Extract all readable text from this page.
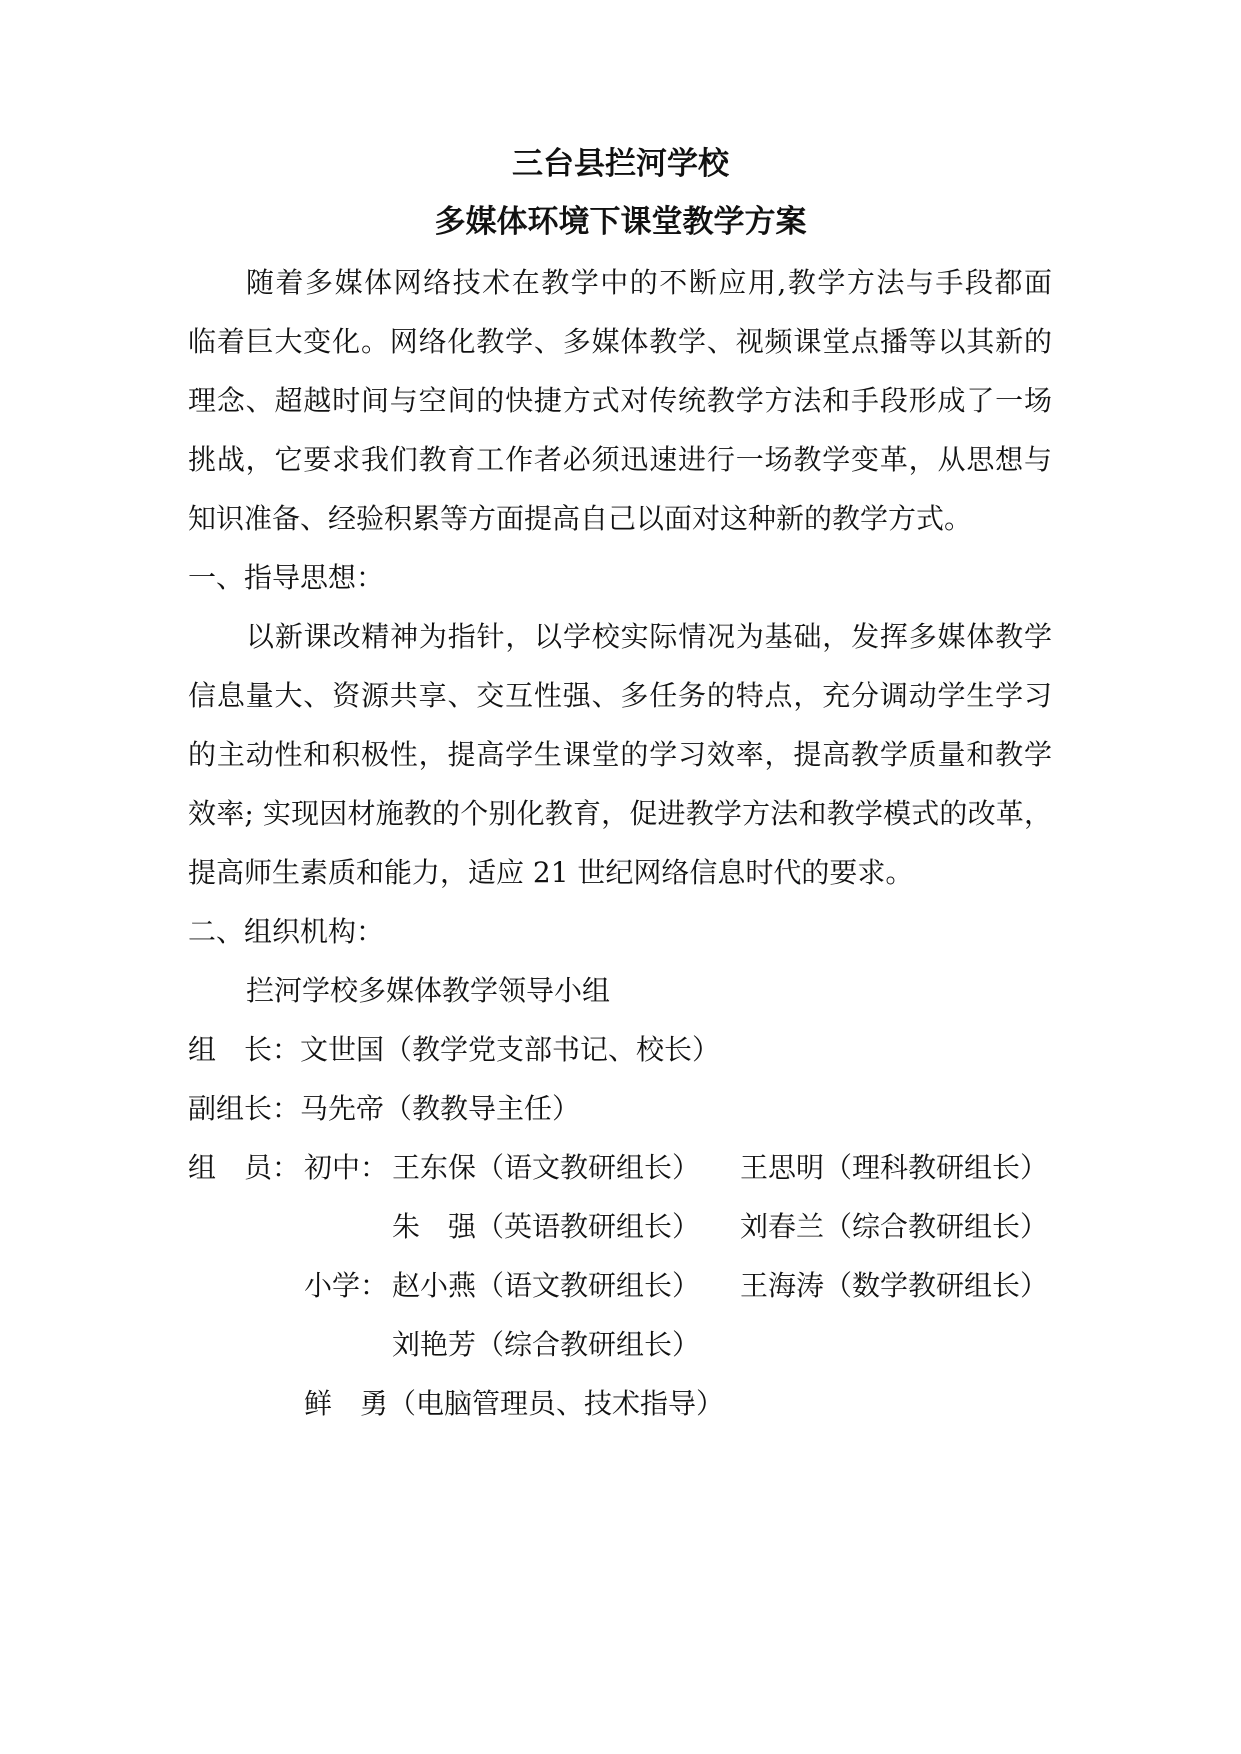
三台县拦河学校
多媒体环境下课堂教学方案
随着多媒体网络技术在教学中的不断应用,教学方法与手段都面
临着巨大变化。网络化教学、多媒体教学、视频课堂点播等以其新的
理念、超越时间与空间的快捷方式对传统教学方法和手段形成了一场
挑战，它要求我们教育工作者必须迅速进行一场教学变革，从思想与
知识准备、经验积累等方面提高自己以面对这种新的教学方式。
一、指导思想：
以新课改精神为指针，以学校实际情况为基础，发挥多媒体教学
信息量大、资源共享、交互性强、多任务的特点，充分调动学生学习
的主动性和积极性，提高学生课堂的学习效率，提高教学质量和教学
效率; 实现因材施教的个别化教育，促进教学方法和教学模式的改革，
提高师生素质和能力，适应 21 世纪网络信息时代的要求。
二、组织机构：
拦河学校多媒体教学领导小组
组　长：文世国（教学党支部书记、校长）
副组长：马先帝（教教导主任）
组　员： 初中： 王东保（语文教研组长） 王思明（理科教研组长）
朱　强（英语教研组长） 刘春兰（综合教研组长）
小学： 赵小燕（语文教研组长） 王海涛（数学教研组长）
刘艳芳（综合教研组长）
鲜　勇（电脑管理员、技术指导）
